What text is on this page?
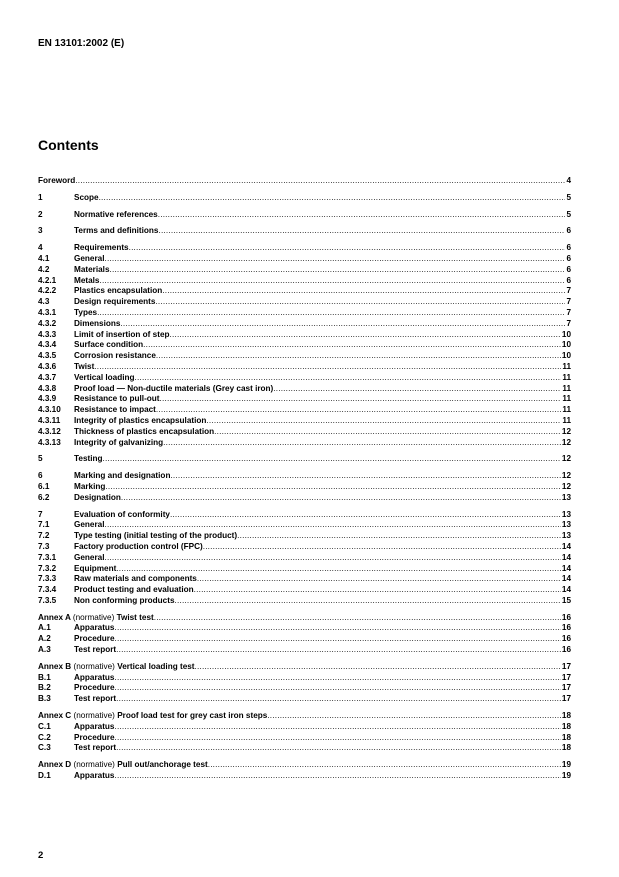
EN 13101:2002 (E)
Contents
Foreword .....	4
1	Scope .....	5
2	Normative references .....	5
3	Terms and definitions .....	6
4	Requirements .....	6
4.1	General .....	6
4.2	Materials .....	6
4.2.1 Metals .....	6
4.2.2 Plastics encapsulation .....	7
4.3	Design requirements .....	7
4.3.1 Types .....	7
4.3.2 Dimensions .....	7
4.3.3 Limit of insertion of step .....	10
4.3.4 Surface condition .....	10
4.3.5 Corrosion resistance .....	10
4.3.6 Twist .....	11
4.3.7 Vertical loading .....	11
4.3.8 Proof load — Non-ductile materials (Grey cast iron) .....	11
4.3.9 Resistance to pull-out .....	11
4.3.10 Resistance to impact .....	11
4.3.11 Integrity of plastics encapsulation .....	11
4.3.12 Thickness of plastics encapsulation .....	12
4.3.13 Integrity of galvanizing .....	12
5	Testing .....	12
6	Marking and designation .....	12
6.1	Marking .....	12
6.2	Designation .....	13
7	Evaluation of conformity .....	13
7.1	General .....	13
7.2	Type testing (initial testing of the product) .....	13
7.3	Factory production control (FPC) .....	14
7.3.1 General .....	14
7.3.2 Equipment .....	14
7.3.3 Raw materials and components .....	14
7.3.4 Product testing and evaluation .....	14
7.3.5 Non conforming products .....	15
Annex A (normative) Twist test .....	16
A.1	Apparatus .....	16
A.2	Procedure .....	16
A.3	Test report .....	16
Annex B (normative) Vertical loading test .....	17
B.1	Apparatus .....	17
B.2	Procedure .....	17
B.3	Test report .....	17
Annex C (normative) Proof load test for grey cast iron steps .....	18
C.1	Apparatus .....	18
C.2	Procedure .....	18
C.3	Test report .....	18
Annex D (normative) Pull out/anchorage test .....	19
D.1	Apparatus .....	19
2
